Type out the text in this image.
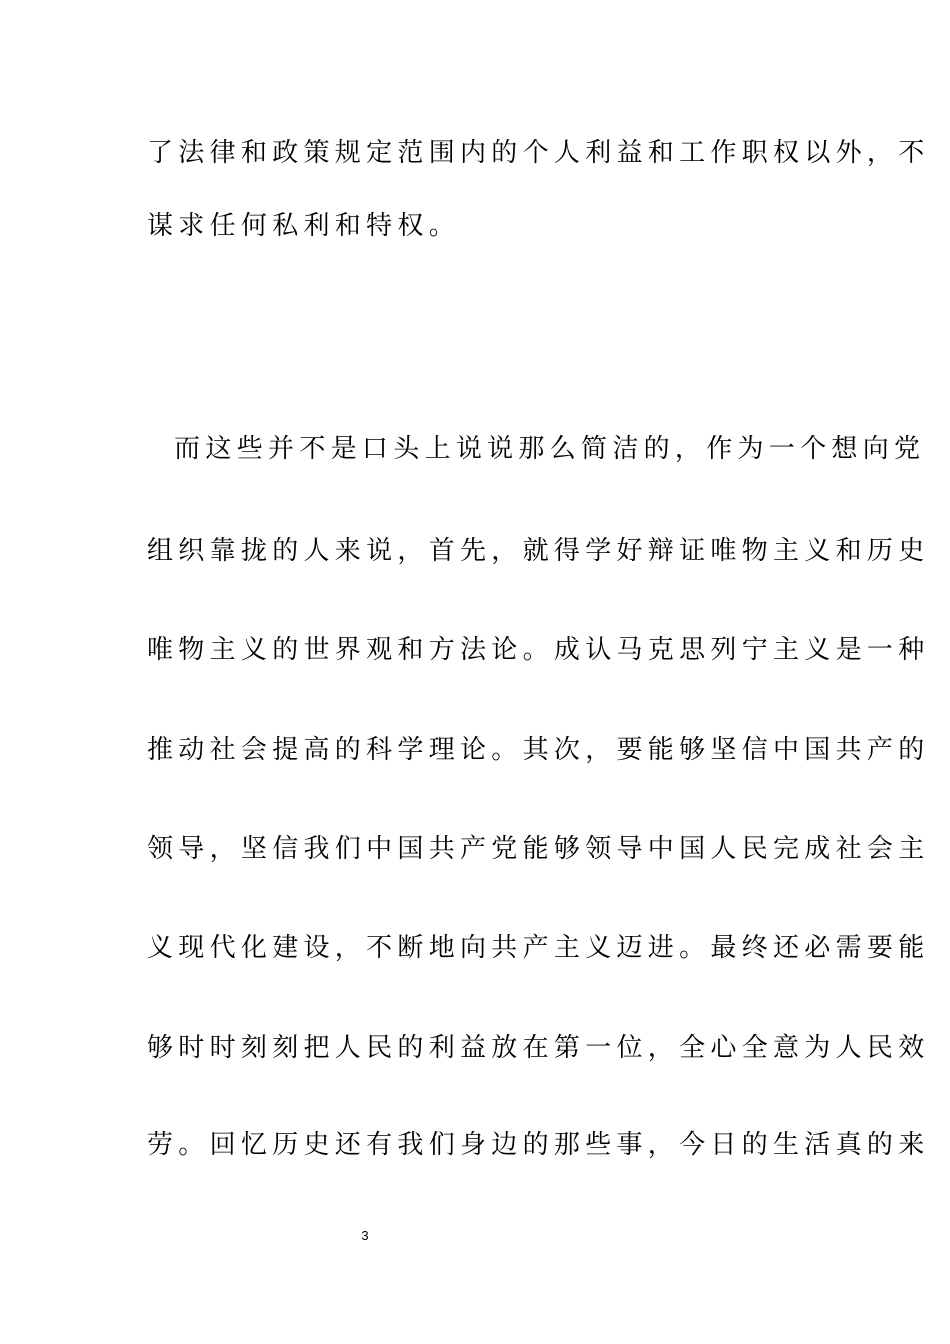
了法律和政策规定范围内的个人利益和工作职权以外，不
谋求任何私利和特权。
而这些并不是口头上说说那么简洁的，作为一个想向党
组织靠拢的人来说，首先，就得学好辩证唯物主义和历史
唯物主义的世界观和方法论。成认马克思列宁主义是一种
推动社会提高的科学理论。其次，要能够坚信中国共产的
领导，坚信我们中国共产党能够领导中国人民完成社会主
义现代化建设，不断地向共产主义迈进。最终还必需要能
够时时刻刻把人民的利益放在第一位，全心全意为人民效
劳。回忆历史还有我们身边的那些事，今日的生活真的来
3
